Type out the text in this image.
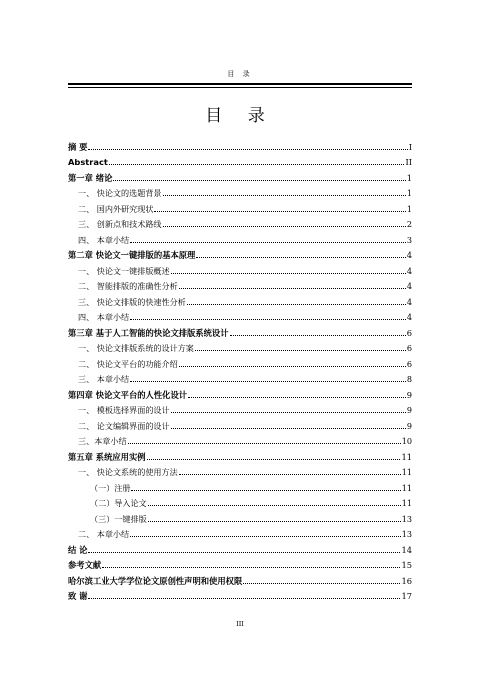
目 录
目 录
摘 要	I
Abstract	II
第一章 绪论	1
一、 快论文的选题背景	1
二、 国内外研究现状	1
三、 创新点和技术路线	2
四、 本章小结	3
第二章 快论文一键排版的基本原理	4
一、 快论文一键排版概述	4
二、 智能排版的准确性分析	4
三、 快论文排版的快速性分析	4
四、 本章小结	4
第三章 基于人工智能的快论文排版系统设计	6
一、 快论文排版系统的设计方案	6
二、 快论文平台的功能介绍	6
三、 本章小结	8
第四章 快论文平台的人性化设计	9
一、 模板选择界面的设计	9
二、 论文编辑界面的设计	9
三、本章小结	10
第五章 系统应用实例	11
一、 快论文系统的使用方法	11
（一）注册	11
（二）导入论文	11
（三）一键排版	13
二、 本章小结	13
结 论	14
参考文献	15
哈尔滨工业大学学位论文原创性声明和使用权限	16
致 谢	17
III
